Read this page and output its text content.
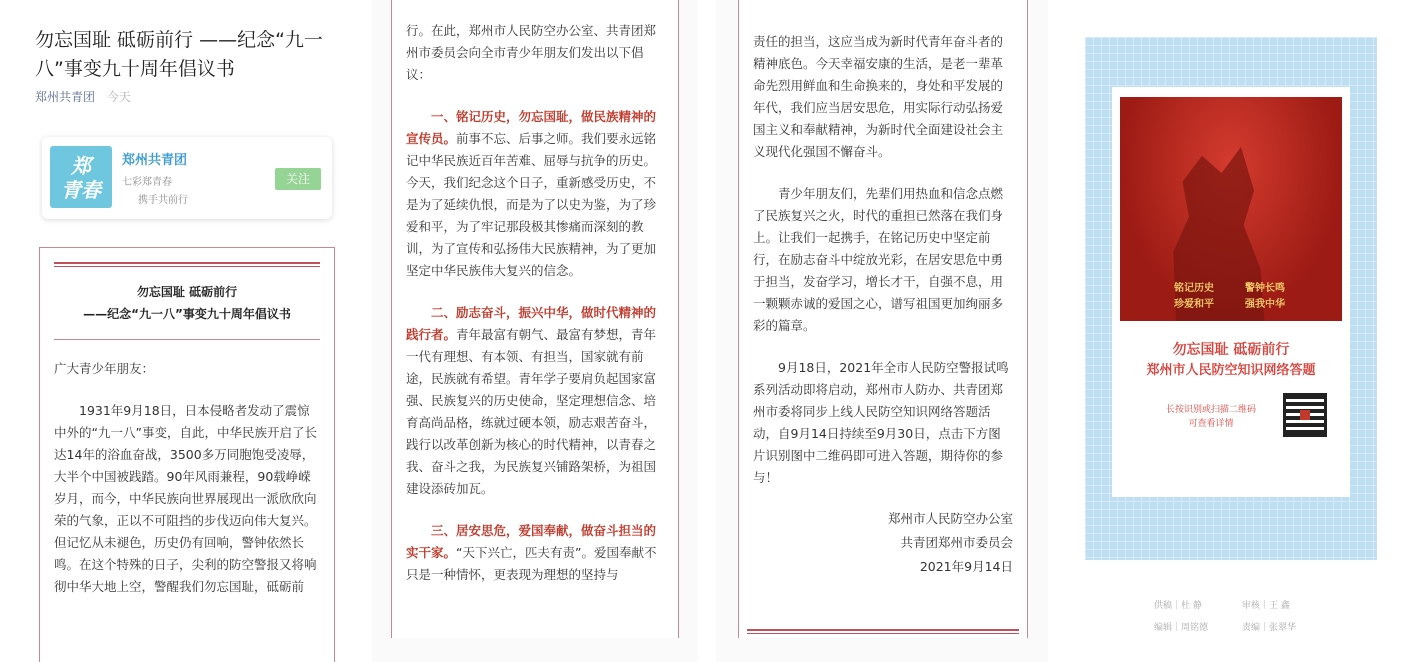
勿忘国耻 砥砺前行 ——纪念“九一八”事变九十周年倡议书
郑州共青团 今天
郑
青春
郑州共青团
七彩郑青春
携手共前行
关注
勿忘国耻 砥砺前行
——纪念“九一八”事变九十周年倡议书
广大青少年朋友：
1931年9月18日，日本侵略者发动了震惊中外的“九一八”事变，自此，中华民族开启了长达14年的浴血奋战，3500多万同胞饱受凌辱，大半个中国被践踏。90年风雨兼程，90载峥嵘岁月，而今，中华民族向世界展现出一派欣欣向荣的气象，正以不可阻挡的步伐迈向伟大复兴。但记忆从未褪色，历史仍有回响，警钟依然长鸣。在这个特殊的日子，尖利的防空警报又将响彻中华大地上空，警醒我们勿忘国耻，砥砺前
行。在此，郑州市人民防空办公室、共青团郑州市委员会向全市青少年朋友们发出以下倡议：
一、铭记历史，勿忘国耻，做民族精神的宣传员。前事不忘、后事之师。我们要永远铭记中华民族近百年苦难、屈辱与抗争的历史。今天，我们纪念这个日子，重新感受历史，不是为了延续仇恨，而是为了以史为鉴，为了珍爱和平，为了牢记那段极其惨痛而深刻的教训，为了宣传和弘扬伟大民族精神，为了更加坚定中华民族伟大复兴的信念。
二、励志奋斗，振兴中华，做时代精神的践行者。青年最富有朝气、最富有梦想，青年一代有理想、有本领、有担当，国家就有前途，民族就有希望。青年学子要肩负起国家富强、民族复兴的历史使命，坚定理想信念、培育高尚品格，练就过硬本领，励志艰苦奋斗，践行以改革创新为核心的时代精神，以青春之我、奋斗之我，为民族复兴铺路架桥，为祖国建设添砖加瓦。
三、居安思危，爱国奉献，做奋斗担当的实干家。“天下兴亡，匹夫有责”。爱国奉献不只是一种情怀，更表现为理想的坚持与
责任的担当，这应当成为新时代青年奋斗者的精神底色。今天幸福安康的生活，是老一辈革命先烈用鲜血和生命换来的，身处和平发展的年代，我们应当居安思危，用实际行动弘扬爱国主义和奉献精神，为新时代全面建设社会主义现代化强国不懈奋斗。
青少年朋友们，先辈们用热血和信念点燃了民族复兴之火，时代的重担已然落在我们身上。让我们一起携手，在铭记历史中坚定前行，在励志奋斗中绽放光彩，在居安思危中勇于担当，发奋学习，增长才干，自强不息，用一颗颗赤诚的爱国之心，谱写祖国更加绚丽多彩的篇章。
9月18日，2021年全市人民防空警报试鸣系列活动即将启动，郑州市人防办、共青团郑州市委将同步上线人民防空知识网络答题活动，自9月14日持续至9月30日，点击下方图片识别图中二维码即可进入答题，期待你的参与！
郑州市人民防空办公室
共青团郑州市委员会
2021年9月14日
铭记历史
珍爱和平
警钟长鸣
强我中华
勿忘国耻 砥砺前行
郑州市人民防空知识网络答题
长按识别或扫描二维码
可查看详情
供稿｜杜 静	审核｜王 鑫
编辑｜周铭德	责编｜张翠华
